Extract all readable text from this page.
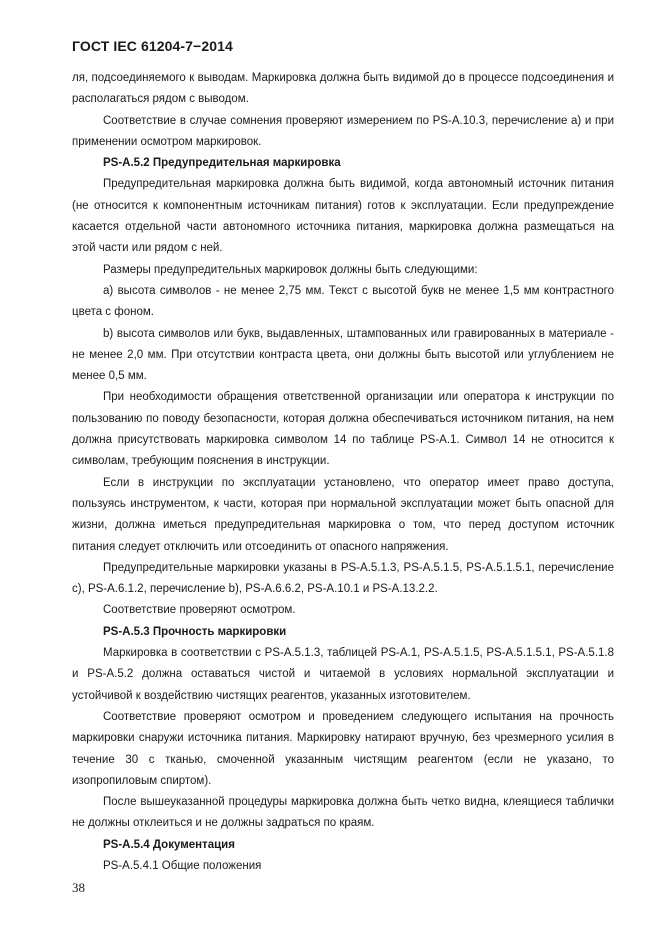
ГОСТ IEC 61204-7−2014

ля, подсоединяемого к выводам. Маркировка должна быть видимой до в процессе подсоединения и располагаться рядом с выводом.

Соответствие в случае сомнения проверяют измерением по PS-A.10.3, перечисление а) и при применении осмотром маркировок.

PS-A.5.2 Предупредительная маркировка

Предупредительная маркировка должна быть видимой, когда автономный источник питания (не относится к компонентным источникам питания) готов к эксплуатации. Если предупреждение касается отдельной части автономного источника питания, маркировка должна размещаться на этой части или рядом с ней.

Размеры предупредительных маркировок должны быть следующими:

a) высота символов - не менее 2,75 мм. Текст с высотой букв не менее 1,5 мм контрастного цвета с фоном.

b) высота символов или букв, выдавленных, штампованных или гравированных в материале - не менее 2,0 мм. При отсутствии контраста цвета, они должны быть высотой или углублением не менее 0,5 мм.

При необходимости обращения ответственной организации или оператора к инструкции по пользованию по поводу безопасности, которая должна обеспечиваться источником питания, на нем должна присутствовать маркировка символом 14 по таблице PS-A.1. Символ 14 не относится к символам, требующим пояснения в инструкции.

Если в инструкции по эксплуатации установлено, что оператор имеет право доступа, пользуясь инструментом, к части, которая при нормальной эксплуатации может быть опасной для жизни, должна иметься предупредительная маркировка о том, что перед доступом источник питания следует отключить или отсоединить от опасного напряжения.

Предупредительные маркировки указаны в PS-A.5.1.3, PS-A.5.1.5, PS-A.5.1.5.1, перечисление с), PS-A.6.1.2, перечисление b), PS-A.6.6.2, PS-A.10.1 и PS-A.13.2.2.

Соответствие проверяют осмотром.

PS-A.5.3 Прочность маркировки

Маркировка в соответствии с PS-A.5.1.3, таблицей PS-A.1, PS-A.5.1.5, PS-A.5.1.5.1, PS-A.5.1.8 и PS-A.5.2 должна оставаться чистой и читаемой в условиях нормальной эксплуатации и устойчивой к воздействию чистящих реагентов, указанных изготовителем.

Соответствие проверяют осмотром и проведением следующего испытания на прочность маркировки снаружи источника питания. Маркировку натирают вручную, без чрезмерного усилия в течение 30 с тканью, смоченной указанным чистящим реагентом (если не указано, то изопропиловым спиртом).

После вышеуказанной процедуры маркировка должна быть четко видна, клеящиеся таблички не должны отклеиться и не должны задраться по краям.

PS-A.5.4 Документация

PS-A.5.4.1 Общие положения

38
